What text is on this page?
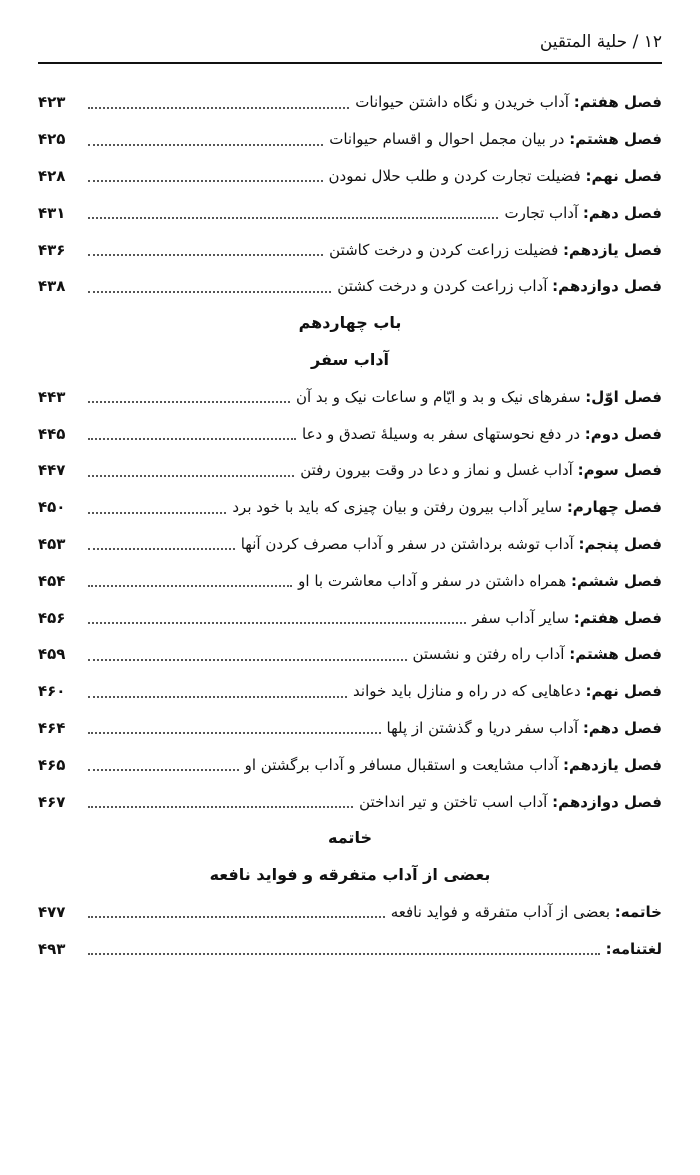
۱۲ / حلیة المتقین
فصل هفتم: آداب خریدن و نگاه داشتن حیوانات
۴۲۳
فصل هشتم: در بیان مجمل احوال و اقسام حیوانات
۴۲۵
فصل نهم: فضیلت تجارت کردن و طلب حلال نمودن
۴۲۸
فصل دهم: آداب تجارت
۴۳۱
فصل یازدهم: فضیلت زراعت کردن و درخت کاشتن
۴۳۶
فصل دوازدهم: آداب زراعت کردن و درخت کشتن
۴۳۸
باب چهاردهم
آداب سفر
فصل اوّل: سفرهای نیک و بد و ایّام و ساعات نیک و بد آن
۴۴۳
فصل دوم: در دفع نحوستهای سفر به وسیلهٔ تصدق و دعا
۴۴۵
فصل سوم: آداب غسل و نماز و دعا در وقت بیرون رفتن
۴۴۷
فصل چهارم: سایر آداب بیرون رفتن و بیان چیزی که باید با خود برد
۴۵۰
فصل پنجم: آداب توشه برداشتن در سفر و آداب مصرف کردن آنها
۴۵۳
فصل ششم: همراه داشتن در سفر و آداب معاشرت با او
۴۵۴
فصل هفتم: سایر آداب سفر
۴۵۶
فصل هشتم: آداب راه رفتن و نشستن
۴۵۹
فصل نهم: دعاهایی که در راه و منازل باید خواند
۴۶۰
فصل دهم: آداب سفر دریا و گذشتن از پلها
۴۶۴
فصل یازدهم: آداب مشایعت و استقبال مسافر و آداب برگشتن او
۴۶۵
فصل دوازدهم: آداب اسب تاختن و تیر انداختن
۴۶۷
خاتمه
بعضی از آداب متفرقه و فواید نافعه
خاتمه: بعضی از آداب متفرقه و فواید نافعه
۴۷۷
لغتنامه:
۴۹۳
